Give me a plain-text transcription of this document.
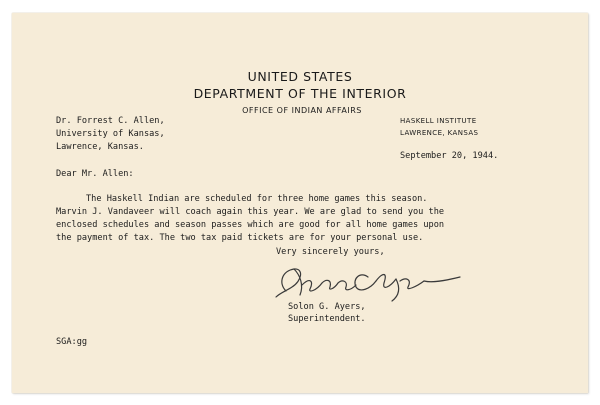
UNITED STATES
DEPARTMENT OF THE INTERIOR
OFFICE OF INDIAN AFFAIRS
HASKELL INSTITUTE
LAWRENCE, KANSAS
Dr. Forrest C. Allen,
University of Kansas,
Lawrence, Kansas.
September 20, 1944.
Dear Mr. Allen:
The Haskell Indian are scheduled for three home games this season.
Marvin J. Vandaveer will coach again this year. We are glad to send you the
enclosed schedules and season passes which are good for all home games upon
the payment of tax. The two tax paid tickets are for your personal use.
Very sincerely yours,
Solon G. Ayers,
Superintendent.
SGA:gg
